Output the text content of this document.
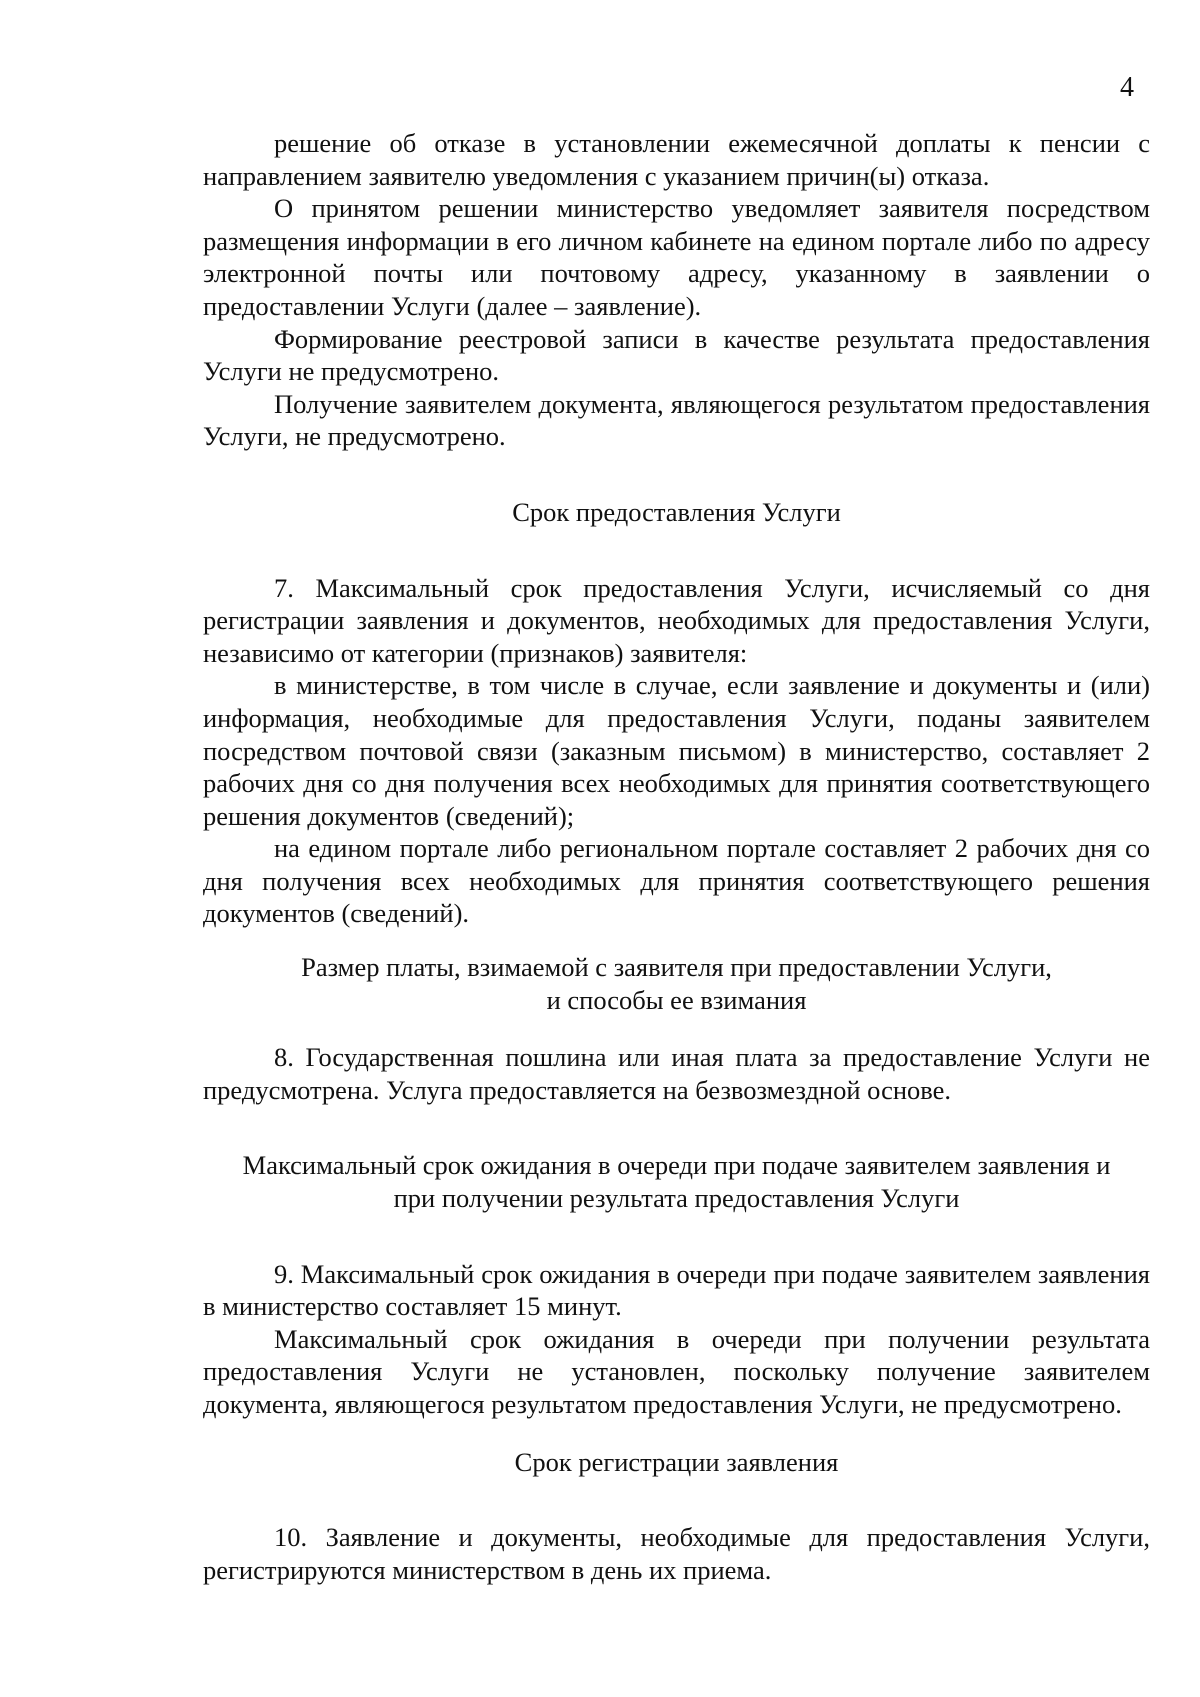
4

решение об отказе в установлении ежемесячной доплаты к пенсии с направлением заявителю уведомления с указанием причин(ы) отказа.

О принятом решении министерство уведомляет заявителя посредством размещения информации в его личном кабинете на едином портале либо по адресу электронной почты или почтовому адресу, указанному в заявлении о предоставлении Услуги (далее – заявление).

Формирование реестровой записи в качестве результата предоставления Услуги не предусмотрено.

Получение заявителем документа, являющегося результатом предоставления Услуги, не предусмотрено.

Срок предоставления Услуги

7. Максимальный срок предоставления Услуги, исчисляемый со дня регистрации заявления и документов, необходимых для предоставления Услуги, независимо от категории (признаков) заявителя:

в министерстве, в том числе в случае, если заявление и документы и (или) информация, необходимые для предоставления Услуги, поданы заявителем посредством почтовой связи (заказным письмом) в министерство, составляет 2 рабочих дня со дня получения всех необходимых для принятия соответствующего решения документов (сведений);

на едином портале либо региональном портале составляет 2 рабочих дня со дня получения всех необходимых для принятия соответствующего решения документов (сведений).

Размер платы, взимаемой с заявителя при предоставлении Услуги,
и способы ее взимания

8. Государственная пошлина или иная плата за предоставление Услуги не предусмотрена. Услуга предоставляется на безвозмездной основе.

Максимальный срок ожидания в очереди при подаче заявителем заявления и
при получении результата предоставления Услуги

9. Максимальный срок ожидания в очереди при подаче заявителем заявления в министерство составляет 15 минут.

Максимальный срок ожидания в очереди при получении результата предоставления Услуги не установлен, поскольку получение заявителем документа, являющегося результатом предоставления Услуги, не предусмотрено.

Срок регистрации заявления

10. Заявление и документы, необходимые для предоставления Услуги, регистрируются министерством в день их приема.
